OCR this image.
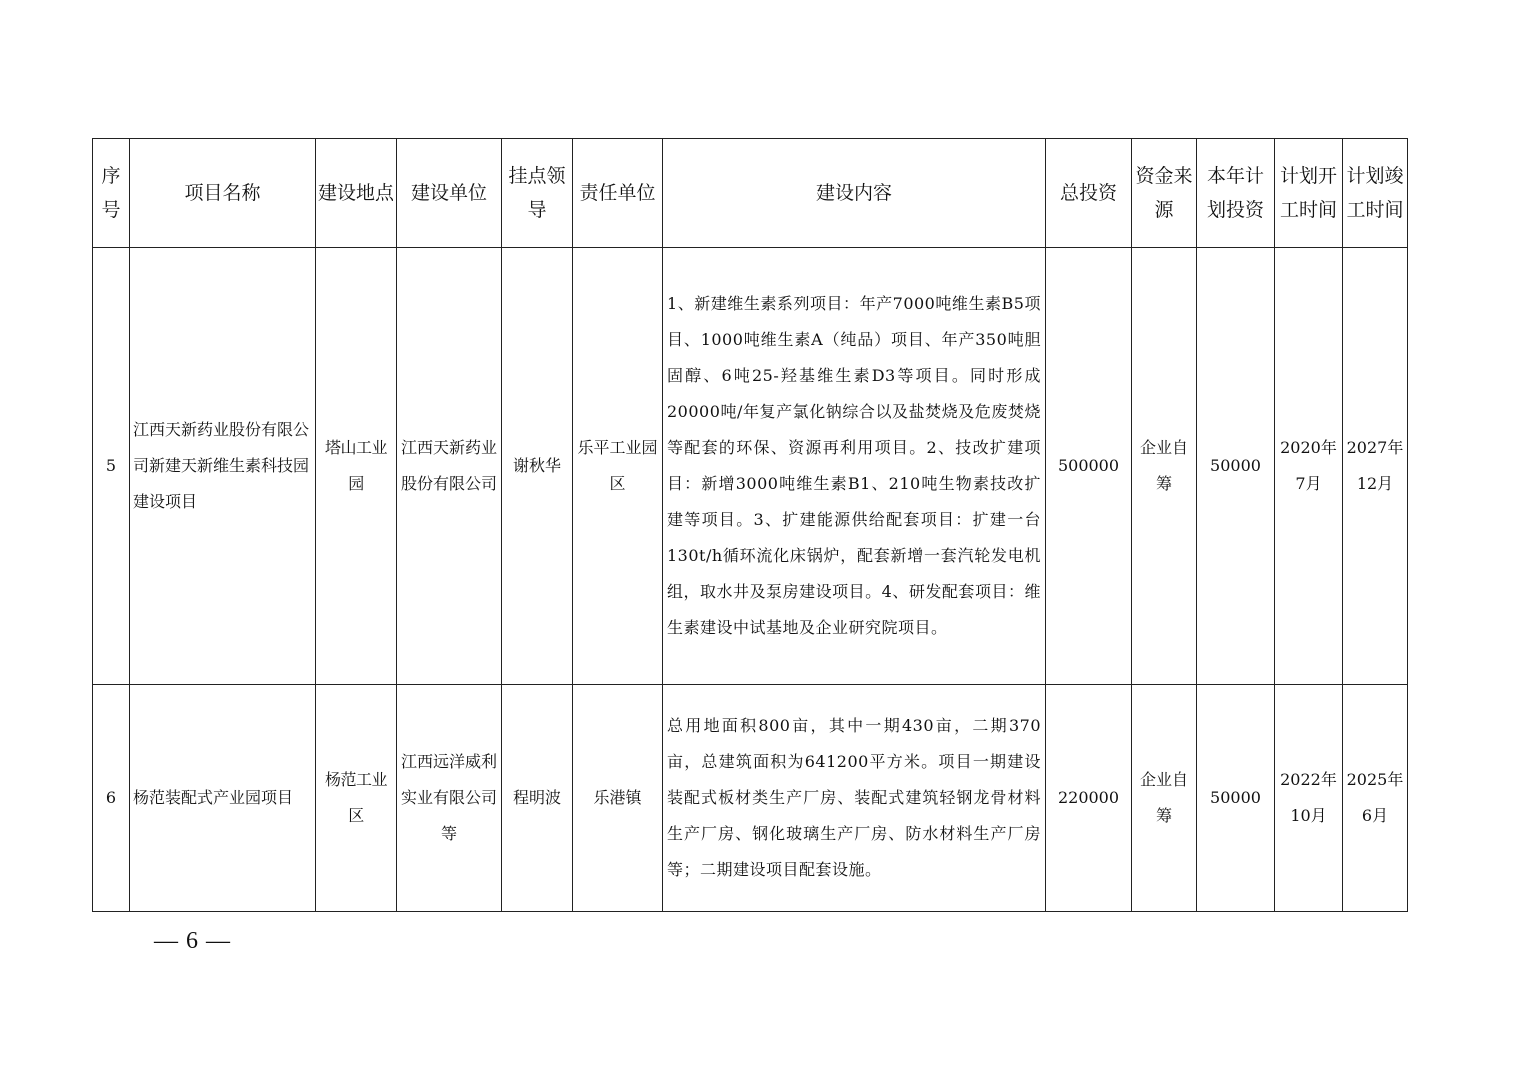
序号	项目名称	建设地点	建设单位	挂点领导	责任单位	建设内容	总投资	资金来源	本年计划投资	计划开工时间	计划竣工时间
5	江西天新药业股份有限公司新建天新维生素科技园建设项目	塔山工业园	江西天新药业股份有限公司	谢秋华	乐平工业园区	1、新建维生素系列项目：年产7000吨维生素B5项目、1000吨维生素A（纯品）项目、年产350吨胆固醇、6吨25-羟基维生素D3等项目。同时形成20000吨/年复产氯化钠综合以及盐焚烧及危废焚烧等配套的环保、资源再利用项目。2、技改扩建项目：新增3000吨维生素B1、210吨生物素技改扩建等项目。3、扩建能源供给配套项目：扩建一台130t/h循环流化床锅炉，配套新增一套汽轮发电机组，取水井及泵房建设项目。4、研发配套项目：维生素建设中试基地及企业研究院项目。	500000	企业自筹	50000	2020年7月	2027年12月
6	杨范装配式产业园项目	杨范工业区	江西远洋威利实业有限公司等	程明波	乐港镇	总用地面积800亩，其中一期430亩，二期370亩，总建筑面积为641200平方米。项目一期建设装配式板材类生产厂房、装配式建筑轻钢龙骨材料生产厂房、钢化玻璃生产厂房、防水材料生产厂房等；二期建设项目配套设施。	220000	企业自筹	50000	2022年10月	2025年6月
— 6 —
